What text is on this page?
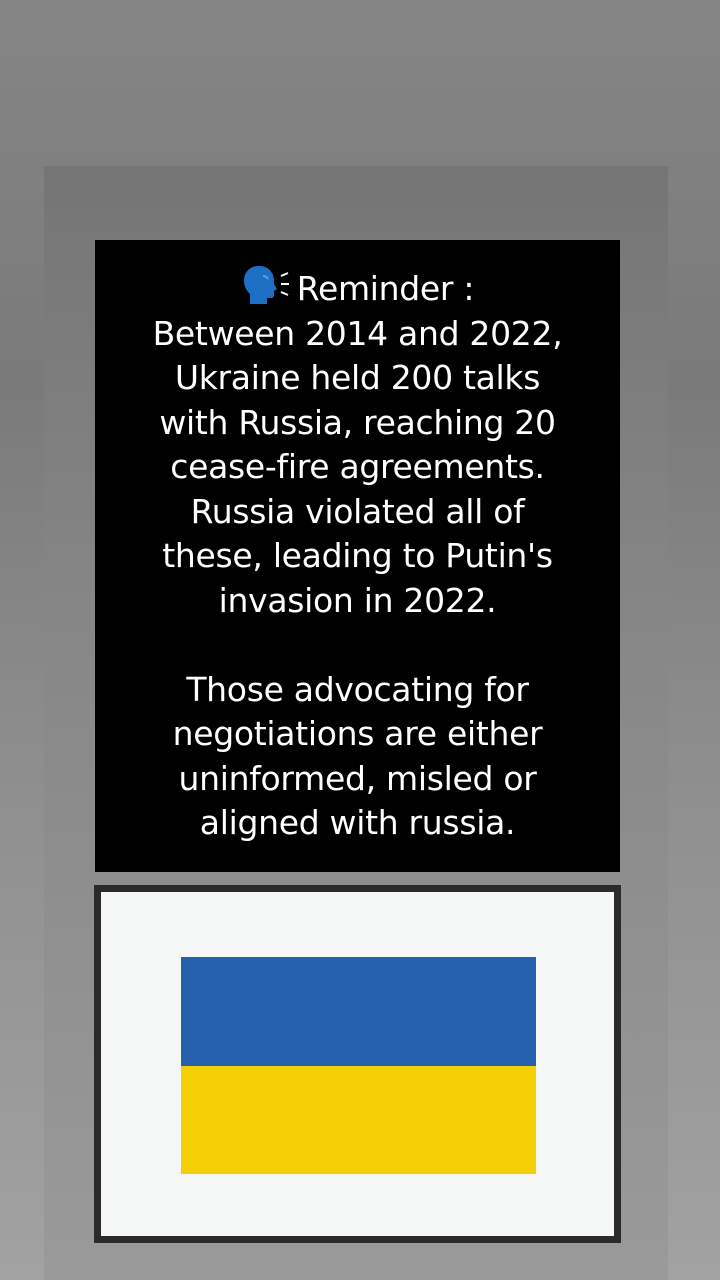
Reminder :
Between 2014 and 2022,
Ukraine held 200 talks
with Russia, reaching 20
cease-fire agreements.
Russia violated all of
these, leading to Putin's
invasion in 2022.
Those advocating for
negotiations are either
uninformed, misled or
aligned with russia.
